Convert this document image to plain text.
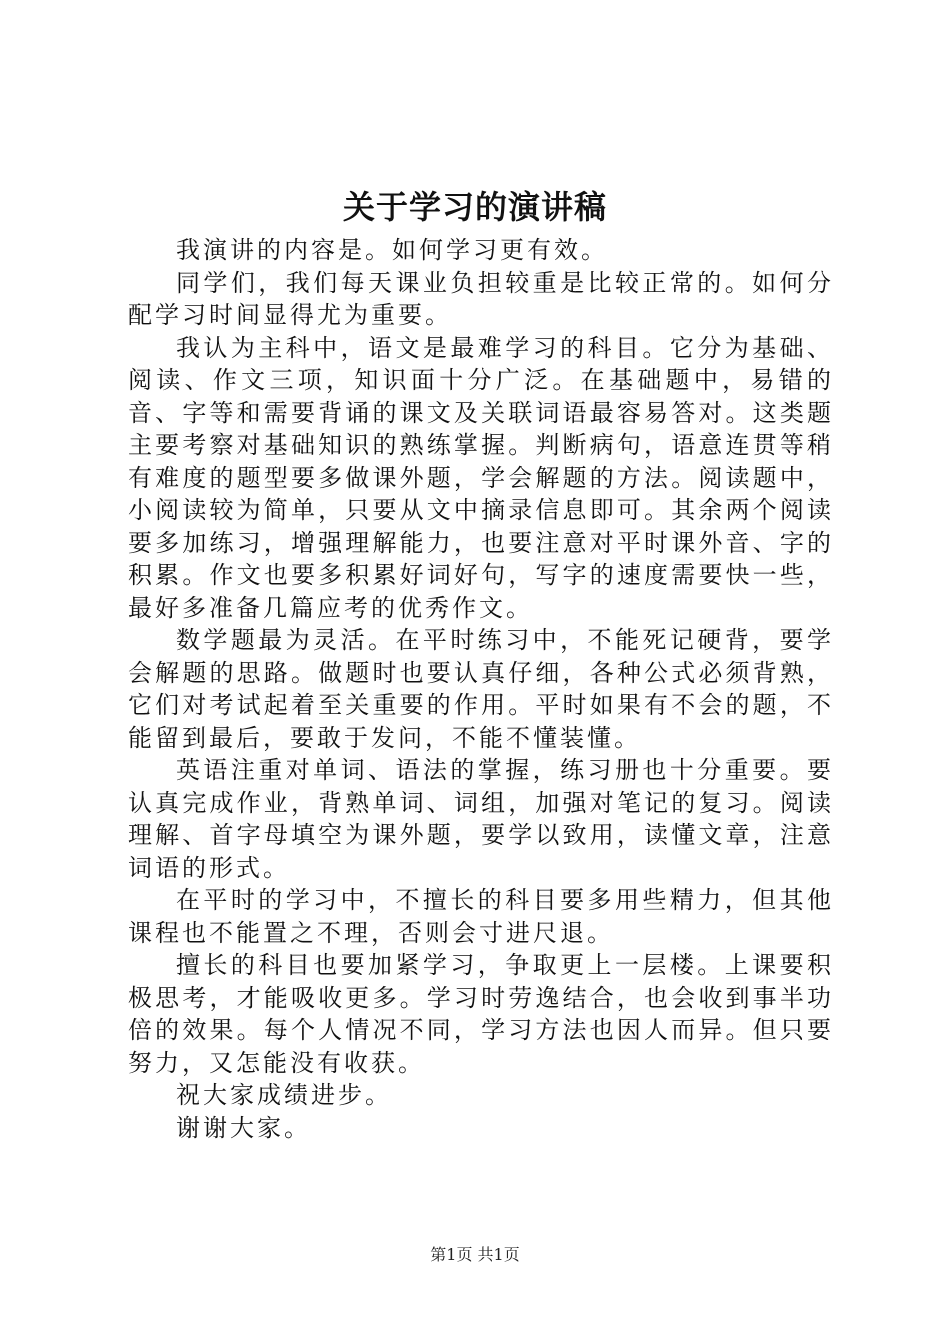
关于学习的演讲稿

我演讲的内容是。如何学习更有效。

同学们，我们每天课业负担较重是比较正常的。如何分配学习时间显得尤为重要。

我认为主科中，语文是最难学习的科目。它分为基础、阅读、作文三项，知识面十分广泛。在基础题中，易错的音、字等和需要背诵的课文及关联词语最容易答对。这类题主要考察对基础知识的熟练掌握。判断病句，语意连贯等稍有难度的题型要多做课外题，学会解题的方法。阅读题中，小阅读较为简单，只要从文中摘录信息即可。其余两个阅读要多加练习，增强理解能力，也要注意对平时课外音、字的积累。作文也要多积累好词好句，写字的速度需要快一些，最好多准备几篇应考的优秀作文。

数学题最为灵活。在平时练习中，不能死记硬背，要学会解题的思路。做题时也要认真仔细，各种公式必须背熟，它们对考试起着至关重要的作用。平时如果有不会的题，不能留到最后，要敢于发问，不能不懂装懂。

英语注重对单词、语法的掌握，练习册也十分重要。要认真完成作业，背熟单词、词组，加强对笔记的复习。阅读理解、首字母填空为课外题，要学以致用，读懂文章，注意词语的形式。

在平时的学习中，不擅长的科目要多用些精力，但其他课程也不能置之不理，否则会寸进尺退。

擅长的科目也要加紧学习，争取更上一层楼。上课要积极思考，才能吸收更多。学习时劳逸结合，也会收到事半功倍的效果。每个人情况不同，学习方法也因人而异。但只要努力，又怎能没有收获。

祝大家成绩进步。

谢谢大家。

第1页 共1页
